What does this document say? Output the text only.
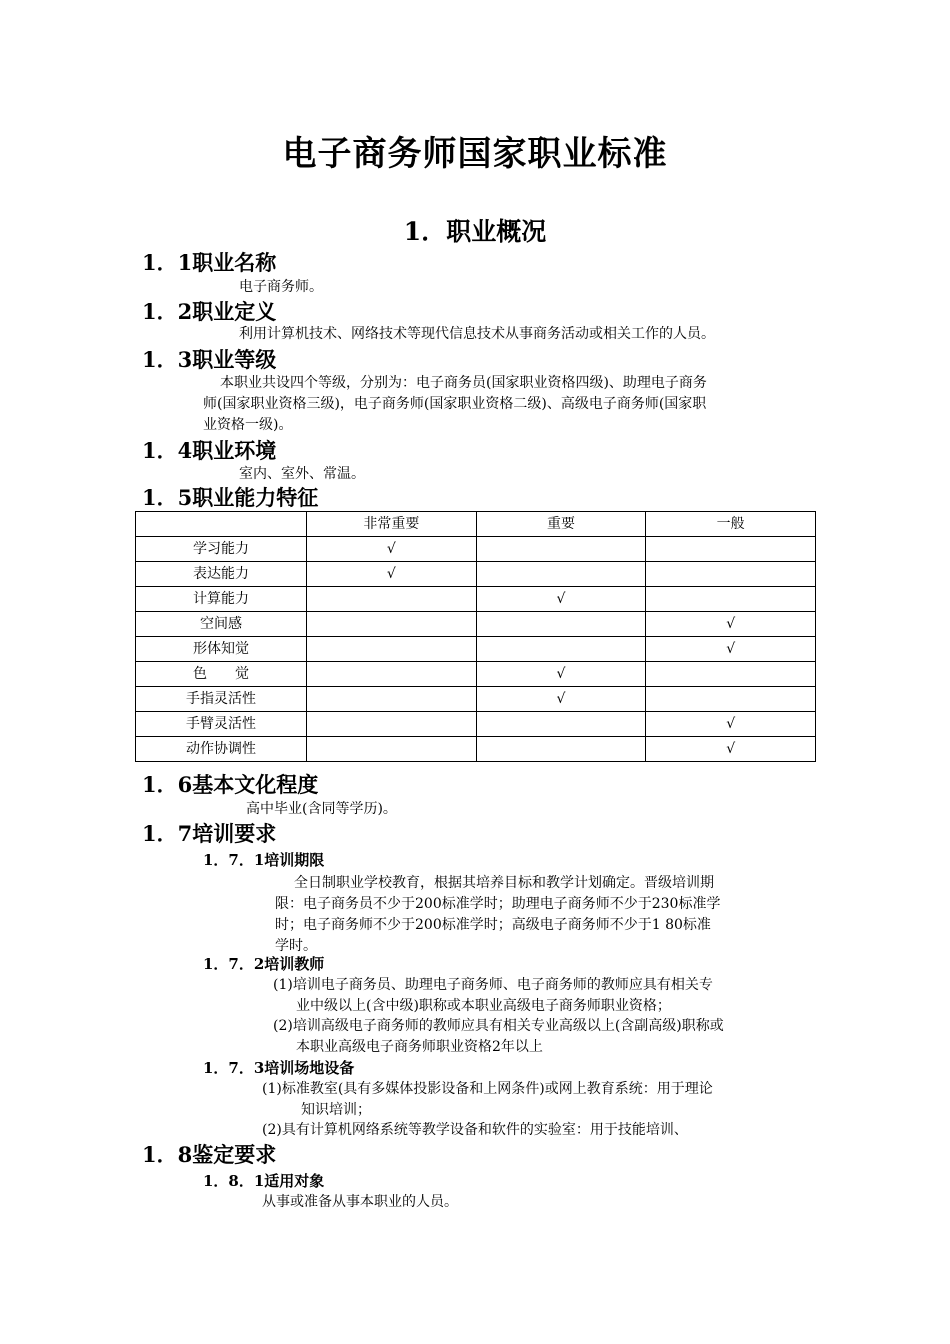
电子商务师国家职业标准
1．职业概况
1．1职业名称
电子商务师。
1．2职业定义
利用计算机技术、网络技术等现代信息技术从事商务活动或相关工作的人员。
1．3职业等级
本职业共设四个等级，分别为：电子商务员(国家职业资格四级)、助理电子商务
师(国家职业资格三级)，电子商务师(国家职业资格二级)、高级电子商务师(国家职
业资格一级)。
1．4职业环境
室内、室外、常温。
1．5职业能力特征
	非常重要	重要	一般
学习能力	√		
表达能力	√		
计算能力		√	
空间感			√
形体知觉			√
色　　觉		√	
手指灵活性		√	
手臂灵活性			√
动作协调性			√
1．6基本文化程度
高中毕业(含同等学历)。
1．7培训要求
1．7．1培训期限
全日制职业学校教育，根据其培养目标和教学计划确定。晋级培训期
限：电子商务员不少于200标准学时；助理电子商务师不少于230标准学
时；电子商务师不少于200标准学时；高级电子商务师不少于1 80标准
学时。
1．7．2培训教师
(1)培训电子商务员、助理电子商务师、电子商务师的教师应具有相关专
业中级以上(含中级)职称或本职业高级电子商务师职业资格；
(2)培训高级电子商务师的教师应具有相关专业高级以上(含副高级)职称或
本职业高级电子商务师职业资格2年以上
1．7．3培训场地设备
(1)标准教室(具有多媒体投影设备和上网条件)或网上教育系统：用于理论
知识培训；
(2)具有计算机网络系统等教学设备和软件的实验室：用于技能培训、
1．8鉴定要求
1．8．1适用对象
从事或准备从事本职业的人员。
